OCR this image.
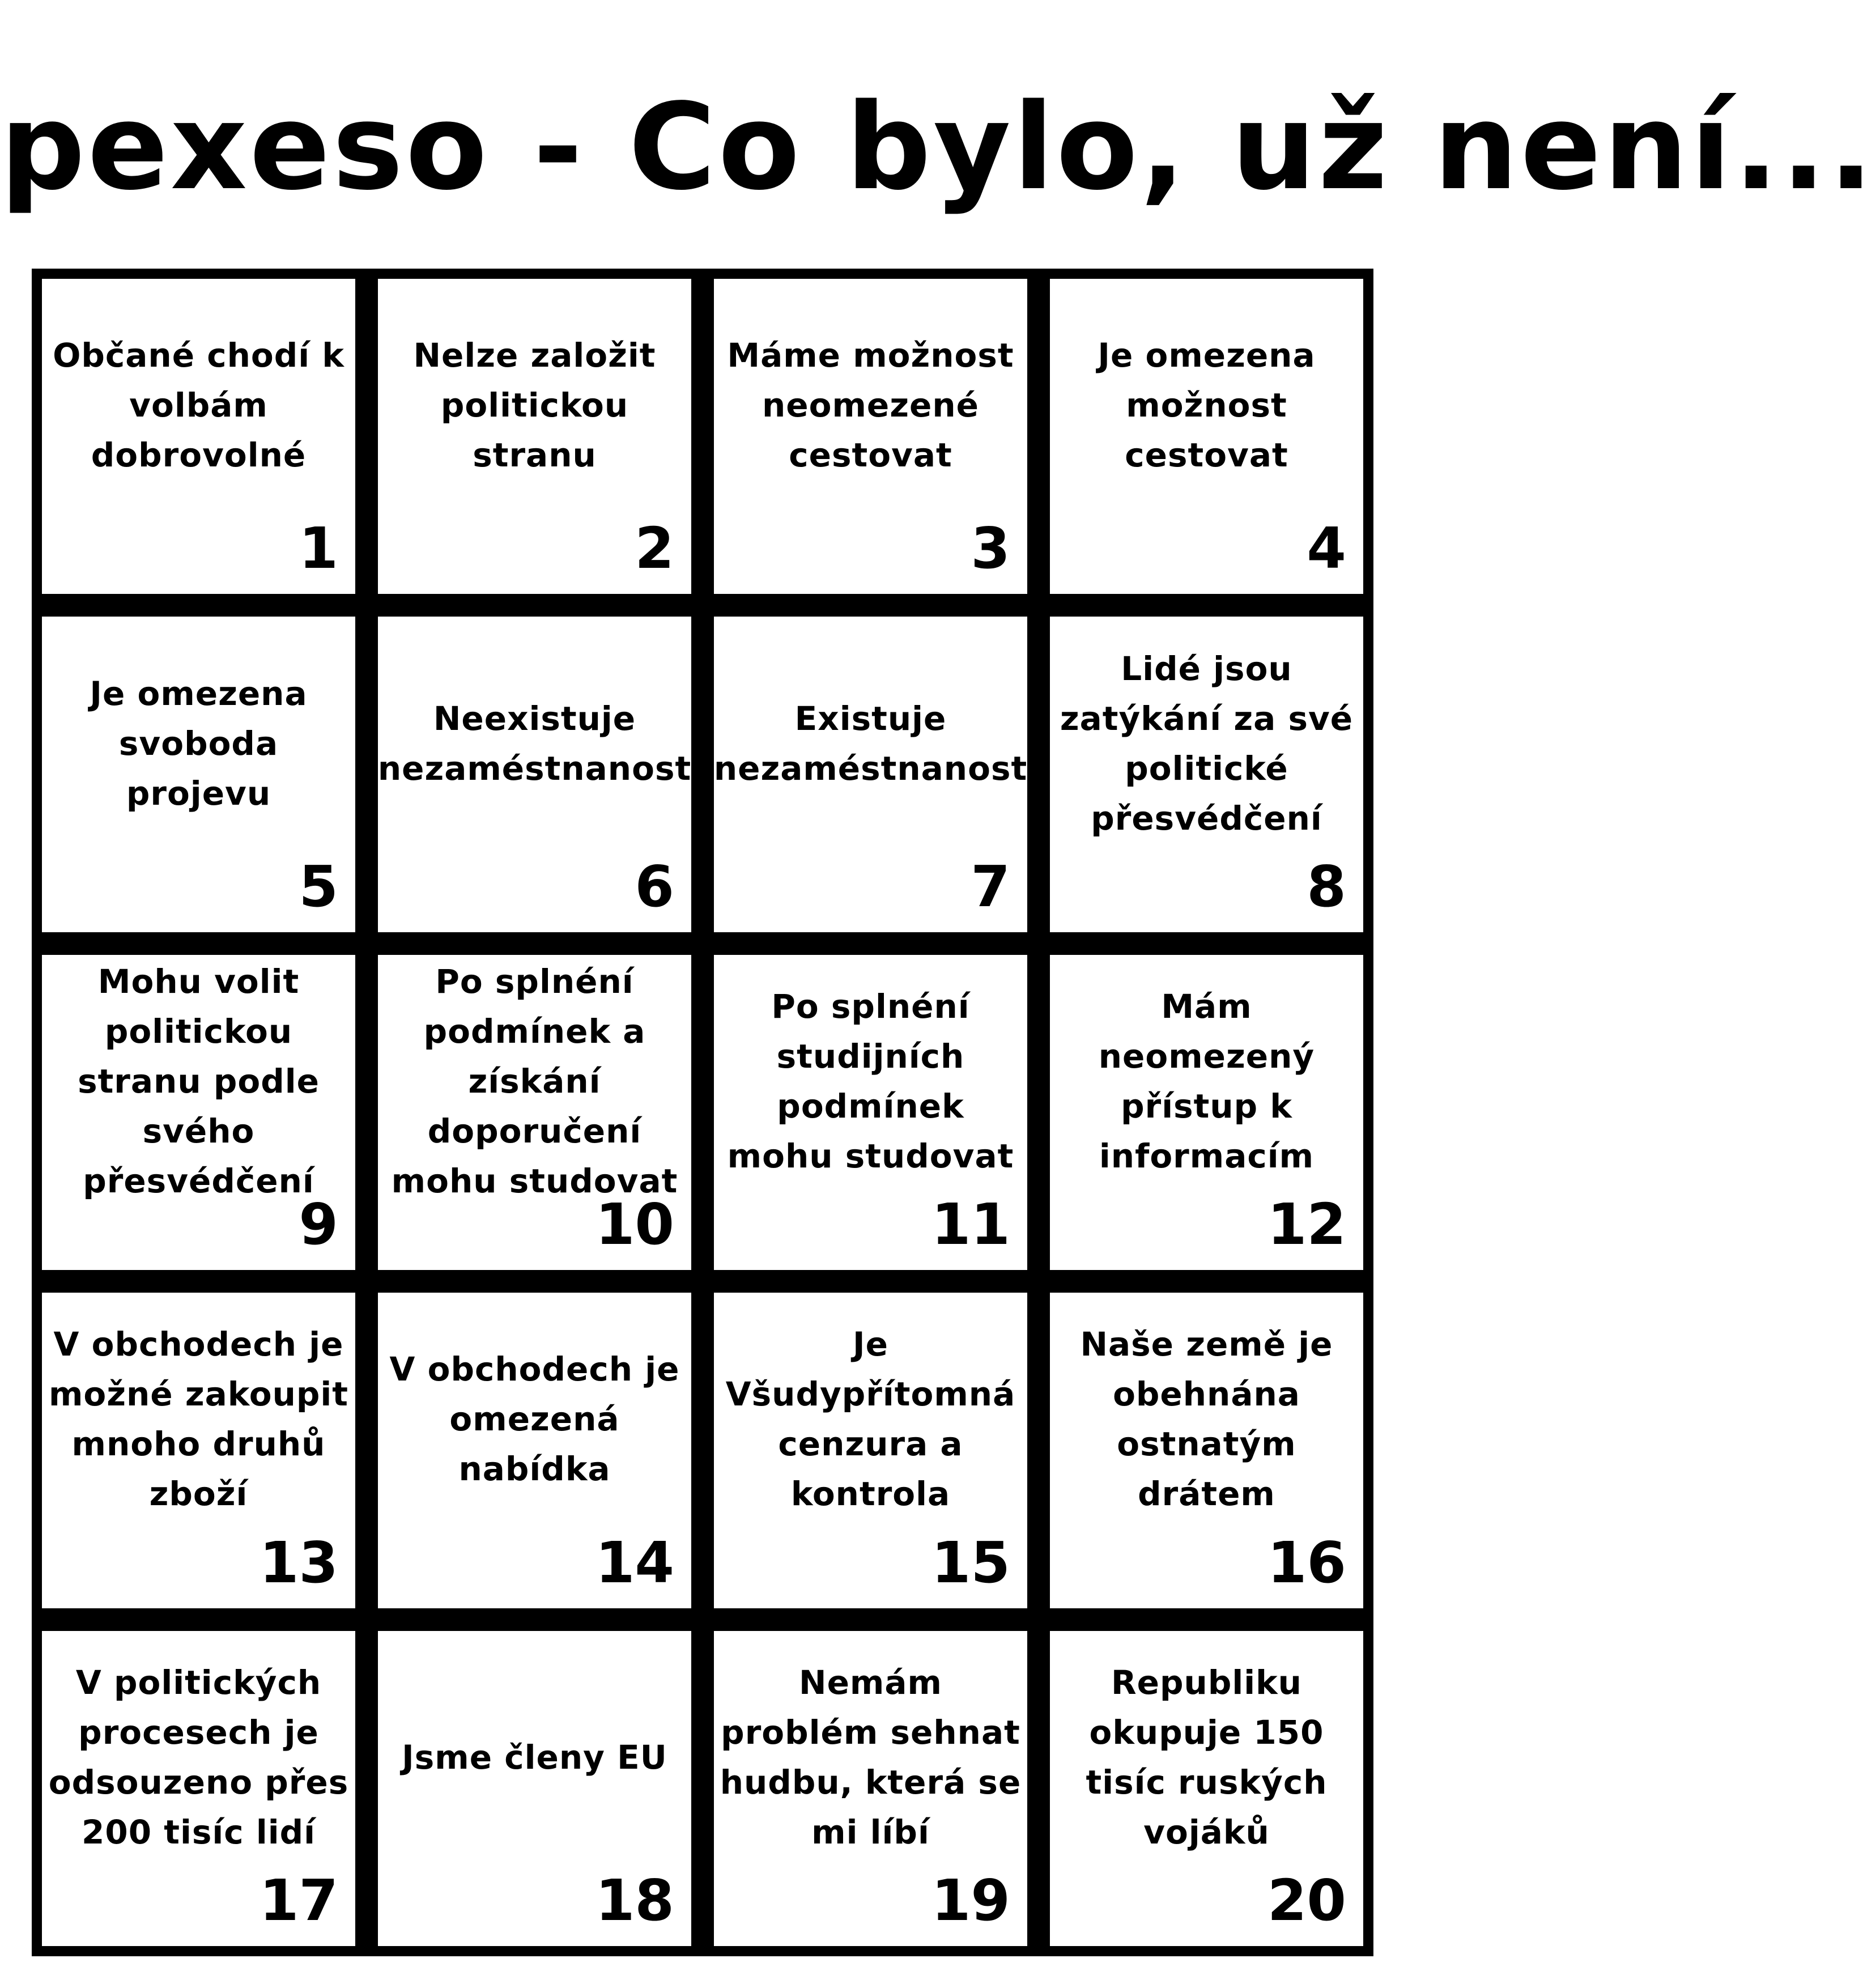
pexeso - Co bylo, už není...
Občané chodí k volbám dobrovolné
1
Nelze založit politickou stranu
2
Máme možnost neomezené cestovat
3
Je omezena možnost cestovat
4
Je omezena svoboda projevu
5
Neexistuje nezaméstnanost
6
Existuje nezaméstnanost
7
Lidé jsou zatýkání za své politické přesvédčení
8
Mohu volit politickou stranu podle svého přesvédčení
9
Po splnéní podmínek a získání doporučení mohu studovat
10
Po splnéní studijních podmínek mohu studovat
11
Mám neomezený přístup k informacím
12
V obchodech je možné zakoupit mnoho druhů zboží
13
V obchodech je omezená nabídka
14
Je Všudypřítomná cenzura a kontrola
15
Naše země je obehnána ostnatým drátem
16
V politických procesech je odsouzeno přes 200 tisíc lidí
17
Jsme členy EU
18
Nemám problém sehnat hudbu, která se mi líbí
19
Republiku okupuje 150 tisíc ruských vojáků
20
